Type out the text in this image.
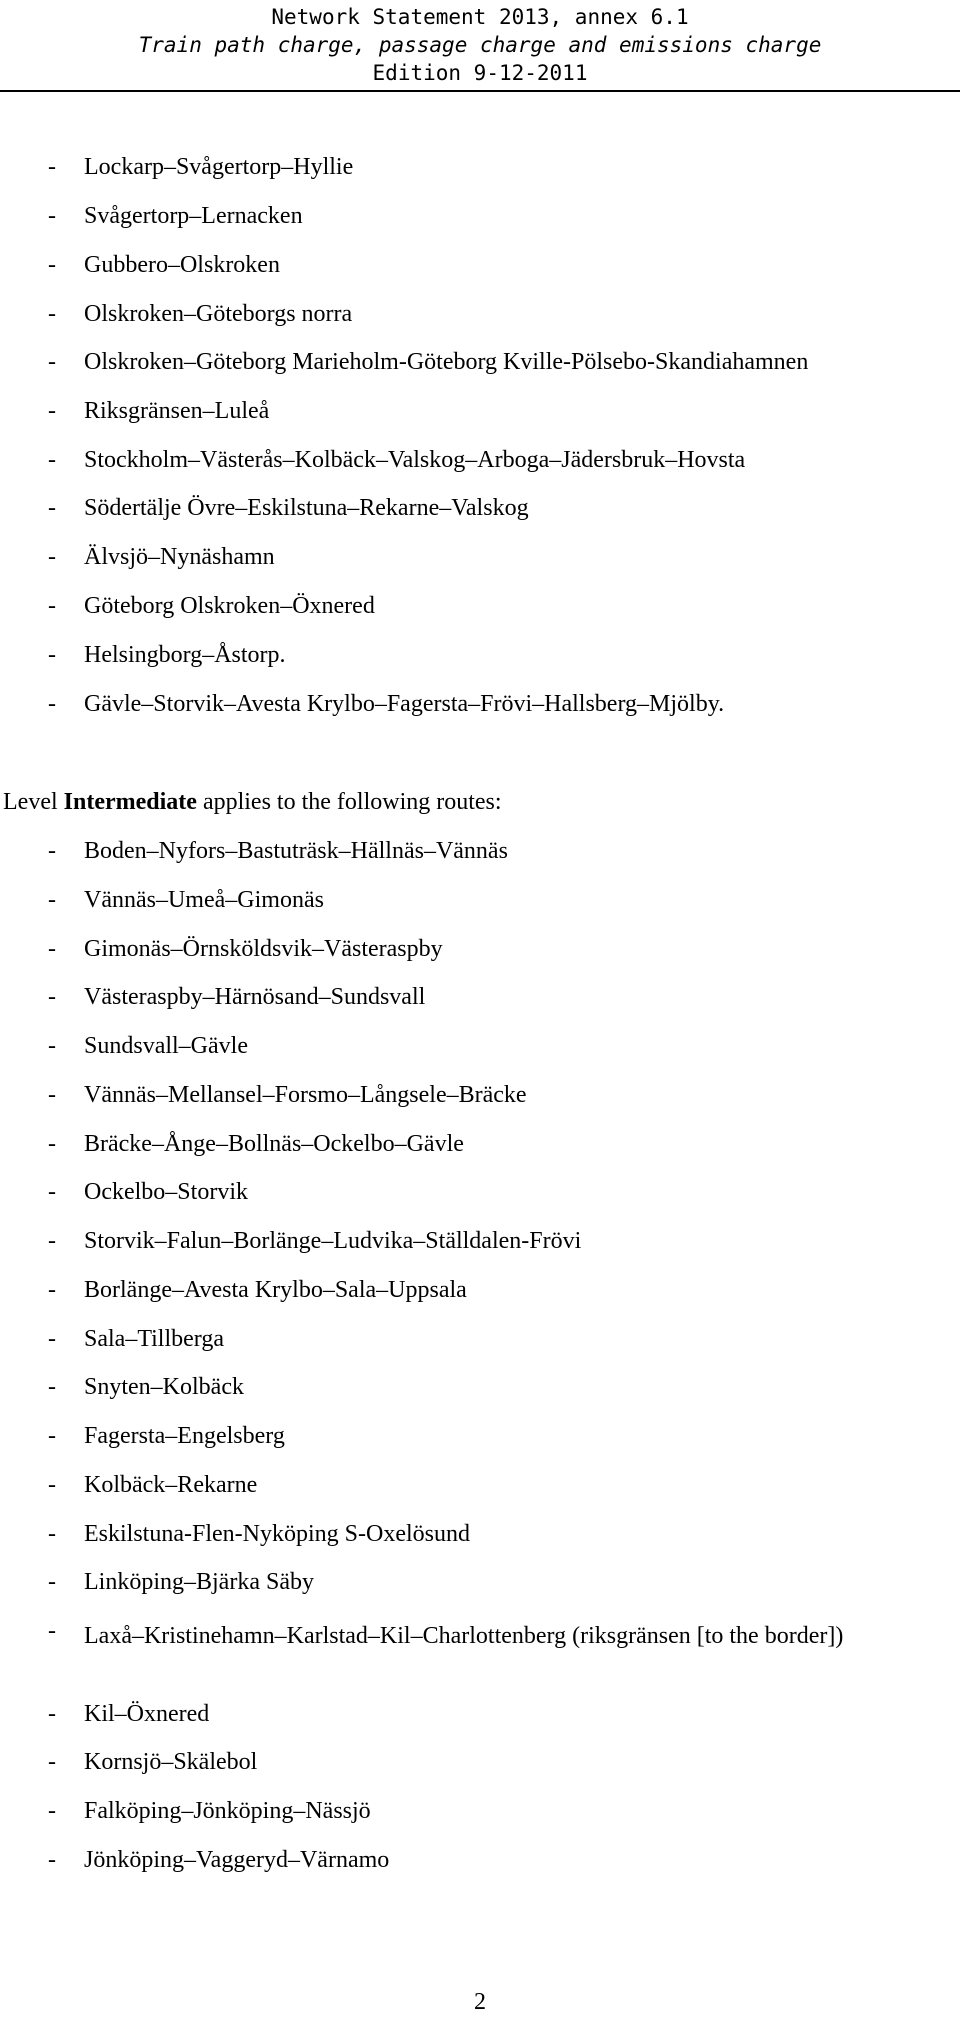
Network Statement 2013, annex 6.1
Train path charge, passage charge and emissions charge
Edition 9-12-2011
- Lockarp–Svågertorp–Hyllie
- Svågertorp–Lernacken
- Gubbero–Olskroken
- Olskroken–Göteborgs norra
- Olskroken–Göteborg Marieholm-Göteborg Kville-Pölsebo-Skandiahamnen
- Riksgränsen–Luleå
- Stockholm–Västerås–Kolbäck–Valskog–Arboga–Jädersbruk–Hovsta
- Södertälje Övre–Eskilstuna–Rekarne–Valskog
- Älvsjö–Nynäshamn
- Göteborg Olskroken–Öxnered
- Helsingborg–Åstorp.
- Gävle–Storvik–Avesta Krylbo–Fagersta–Frövi–Hallsberg–Mjölby.
Level Intermediate applies to the following routes:
- Boden–Nyfors–Bastuträsk–Hällnäs–Vännäs
- Vännäs–Umeå–Gimonäs
- Gimonäs–Örnsköldsvik–Västeraspby
- Västeraspby–Härnösand–Sundsvall
- Sundsvall–Gävle
- Vännäs–Mellansel–Forsmo–Långsele–Bräcke
- Bräcke–Ånge–Bollnäs–Ockelbo–Gävle
- Ockelbo–Storvik
- Storvik–Falun–Borlänge–Ludvika–Ställdalen-Frövi
- Borlänge–Avesta Krylbo–Sala–Uppsala
- Sala–Tillberga
- Snyten–Kolbäck
- Fagersta–Engelsberg
- Kolbäck–Rekarne
- Eskilstuna-Flen-Nyköping S-Oxelösund
- Linköping–Bjärka Säby
- Laxå–Kristinehamn–Karlstad–Kil–Charlottenberg (riksgränsen [to the border])
- Kil–Öxnered
- Kornsjö–Skälebol
- Falköping–Jönköping–Nässjö
- Jönköping–Vaggeryd–Värnamo
2
